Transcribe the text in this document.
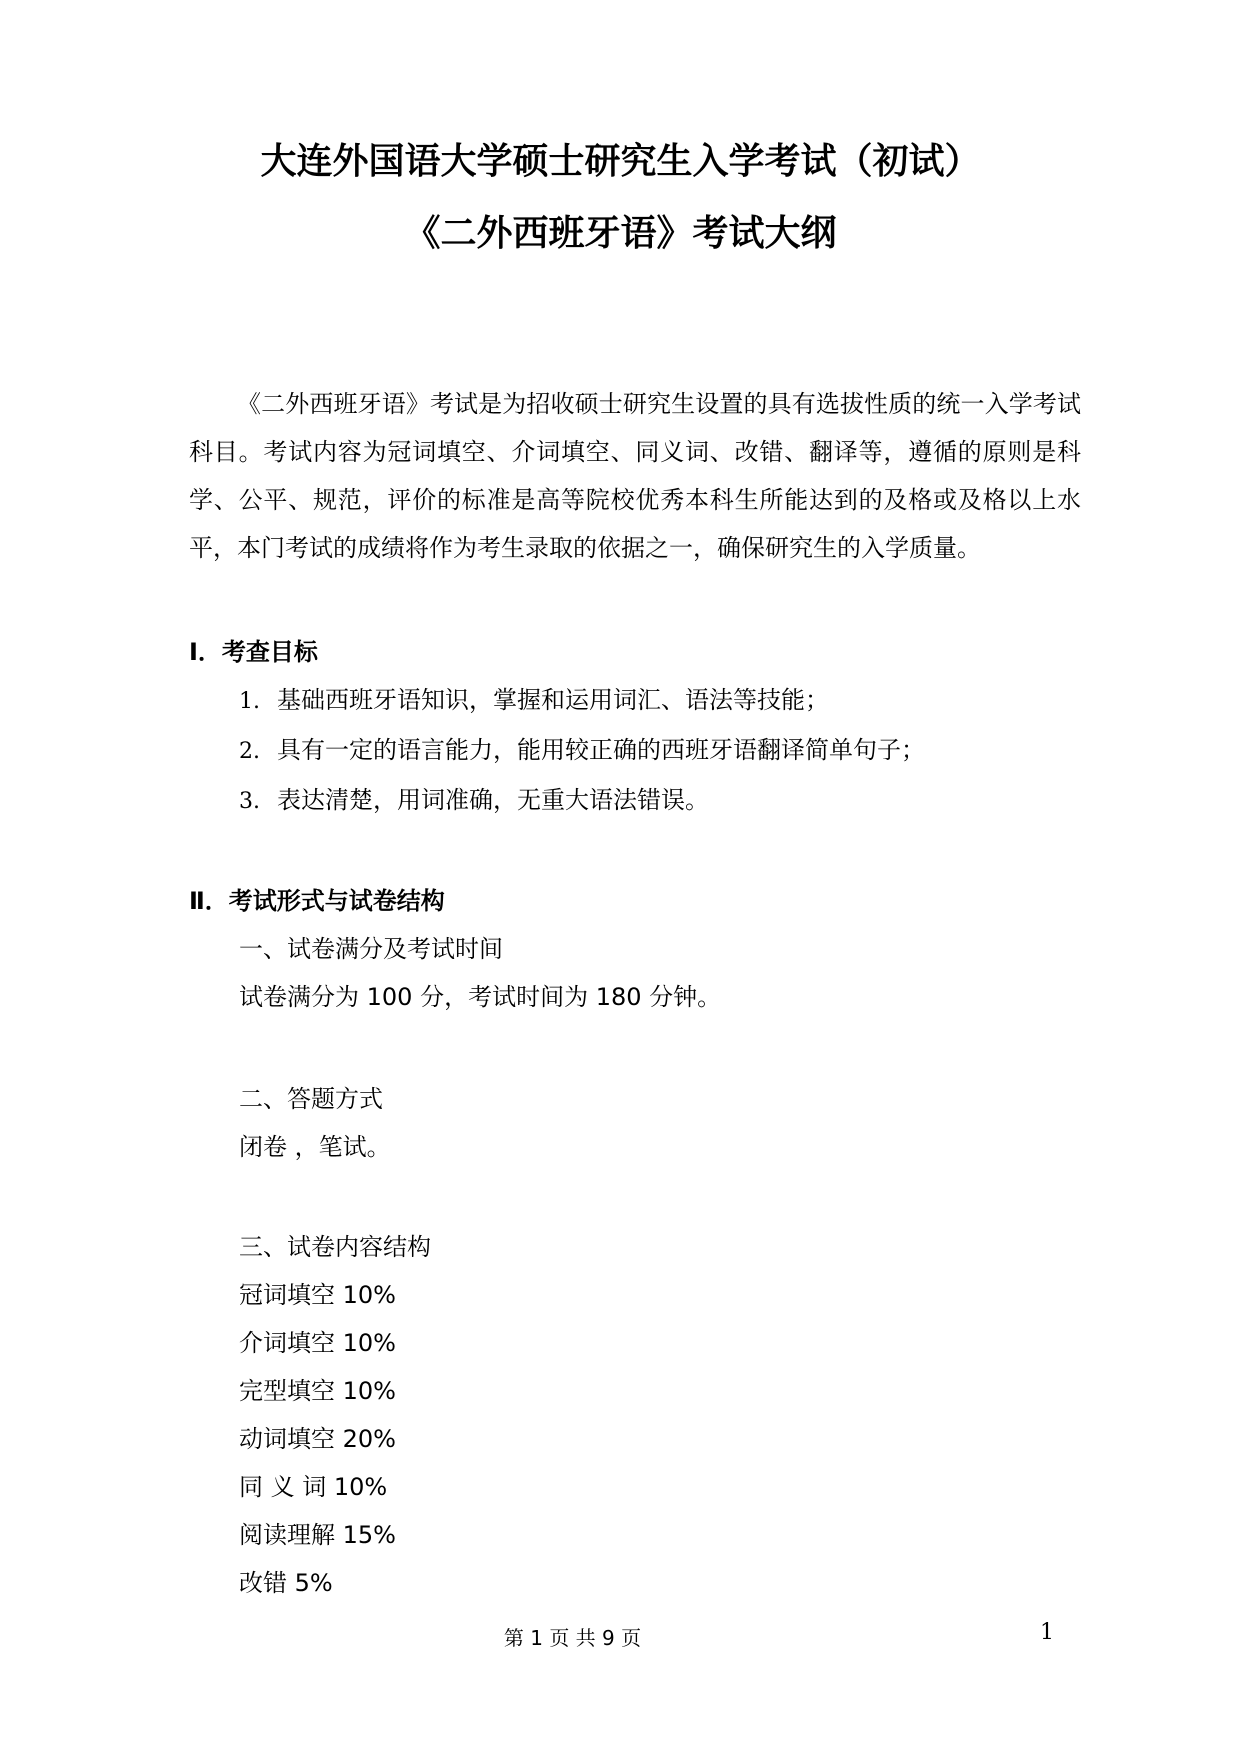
大连外国语大学硕士研究生入学考试（初试）
《二外西班牙语》考试大纲

《二外西班牙语》考试是为招收硕士研究生设置的具有选拔性质的统一入学考试科目。考试内容为冠词填空、介词填空、同义词、改错、翻译等，遵循的原则是科学、公平、规范，评价的标准是高等院校优秀本科生所能达到的及格或及格以上水平，本门考试的成绩将作为考生录取的依据之一，确保研究生的入学质量。

Ⅰ．考查目标
1. 基础西班牙语知识，掌握和运用词汇、语法等技能；
2. 具有一定的语言能力，能用较正确的西班牙语翻译简单句子；
3. 表达清楚，用词准确，无重大语法错误。
Ⅱ．考试形式与试卷结构
一、试卷满分及考试时间
试卷满分为 100 分，考试时间为 180 分钟。
二、答题方式
闭卷 ，笔试。
三、试卷内容结构
冠词填空 10%
介词填空 10%
完型填空 10%
动词填空 20%
同 义 词 10%
阅读理解 15%
改错 5%
第 1 页 共 9 页	1
